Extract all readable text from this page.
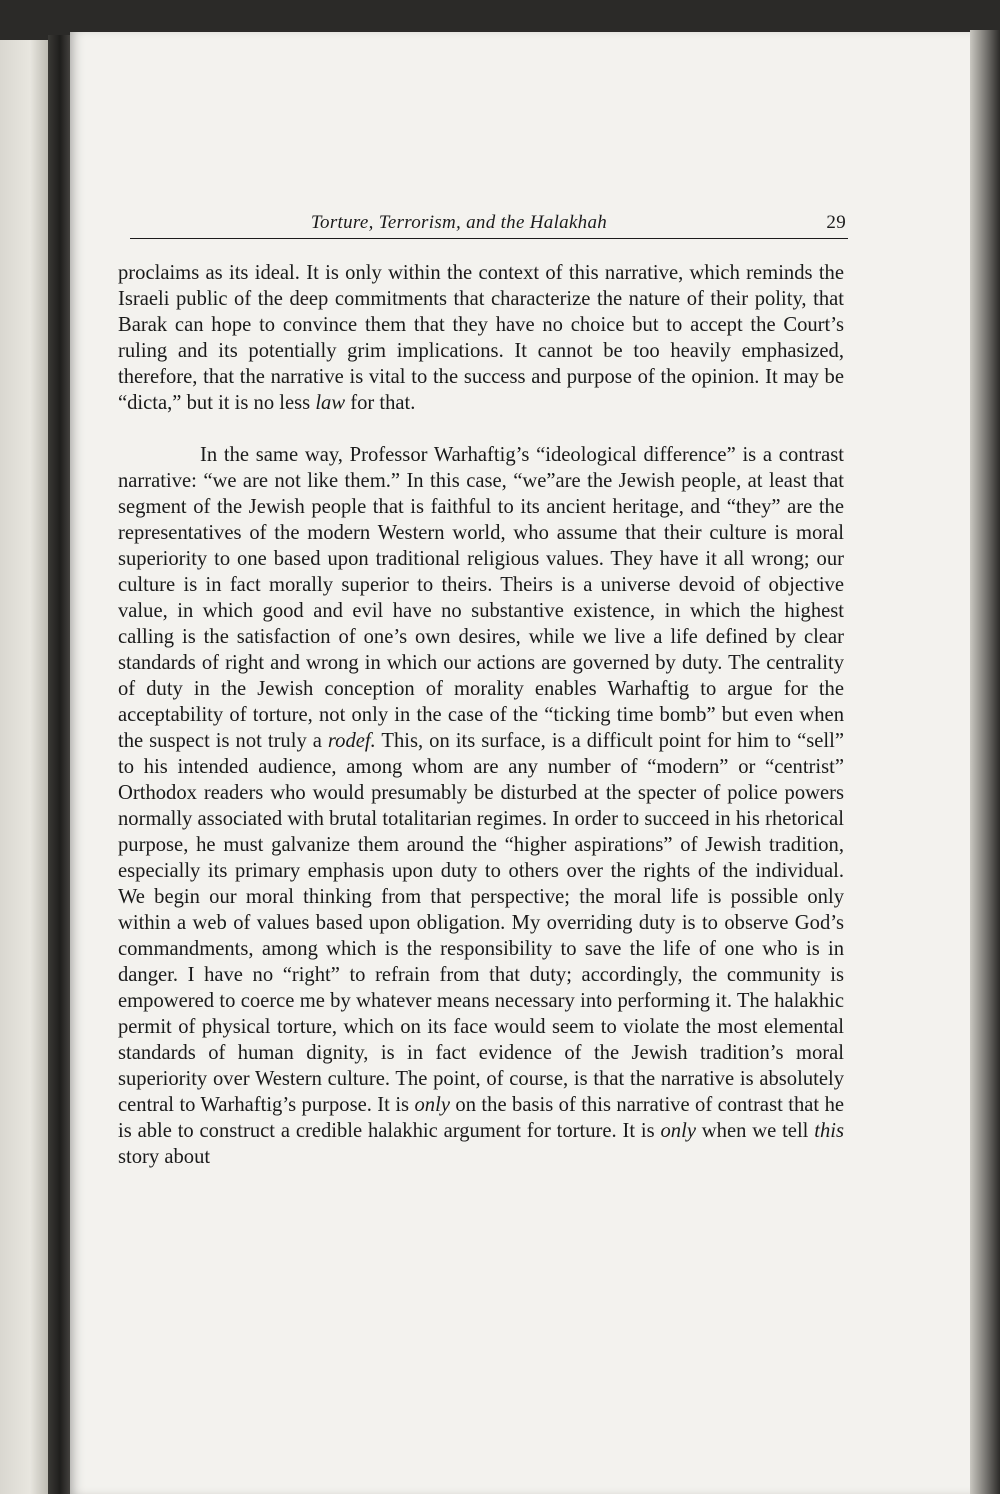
Torture, Terrorism, and the Halakhah	29

proclaims as its ideal. It is only within the context of this narrative, which reminds the Israeli public of the deep commitments that characterize the nature of their polity, that Barak can hope to convince them that they have no choice but to accept the Court’s ruling and its potentially grim implications. It cannot be too heavily emphasized, therefore, that the narrative is vital to the success and purpose of the opinion. It may be “dicta,” but it is no less law for that.

In the same way, Professor Warhaftig’s “ideological difference” is a contrast narrative: “we are not like them.” In this case, “we”are the Jewish people, at least that segment of the Jewish people that is faithful to its ancient heritage, and “they” are the representatives of the modern Western world, who assume that their culture is moral superiority to one based upon traditional religious values. They have it all wrong; our culture is in fact morally superior to theirs. Theirs is a universe devoid of objective value, in which good and evil have no substantive existence, in which the highest calling is the satisfaction of one’s own desires, while we live a life defined by clear standards of right and wrong in which our actions are governed by duty. The centrality of duty in the Jewish conception of morality enables Warhaftig to argue for the acceptability of torture, not only in the case of the “ticking time bomb” but even when the suspect is not truly a rodef. This, on its surface, is a difficult point for him to “sell” to his intended audience, among whom are any number of “modern” or “centrist” Orthodox readers who would presumably be disturbed at the specter of police powers normally associated with brutal totalitarian regimes. In order to succeed in his rhetorical purpose, he must galvanize them around the “higher aspirations” of Jewish tradition, especially its primary emphasis upon duty to others over the rights of the individual. We begin our moral thinking from that perspective; the moral life is possible only within a web of values based upon obligation. My overriding duty is to observe God’s commandments, among which is the responsibility to save the life of one who is in danger. I have no “right” to refrain from that duty; accordingly, the community is empowered to coerce me by whatever means necessary into performing it. The halakhic permit of physical torture, which on its face would seem to violate the most elemental standards of human dignity, is in fact evidence of the Jewish tradition’s moral superiority over Western culture. The point, of course, is that the narrative is absolutely central to Warhaftig’s purpose. It is only on the basis of this narrative of contrast that he is able to construct a credible halakhic argument for torture. It is only when we tell this story about
